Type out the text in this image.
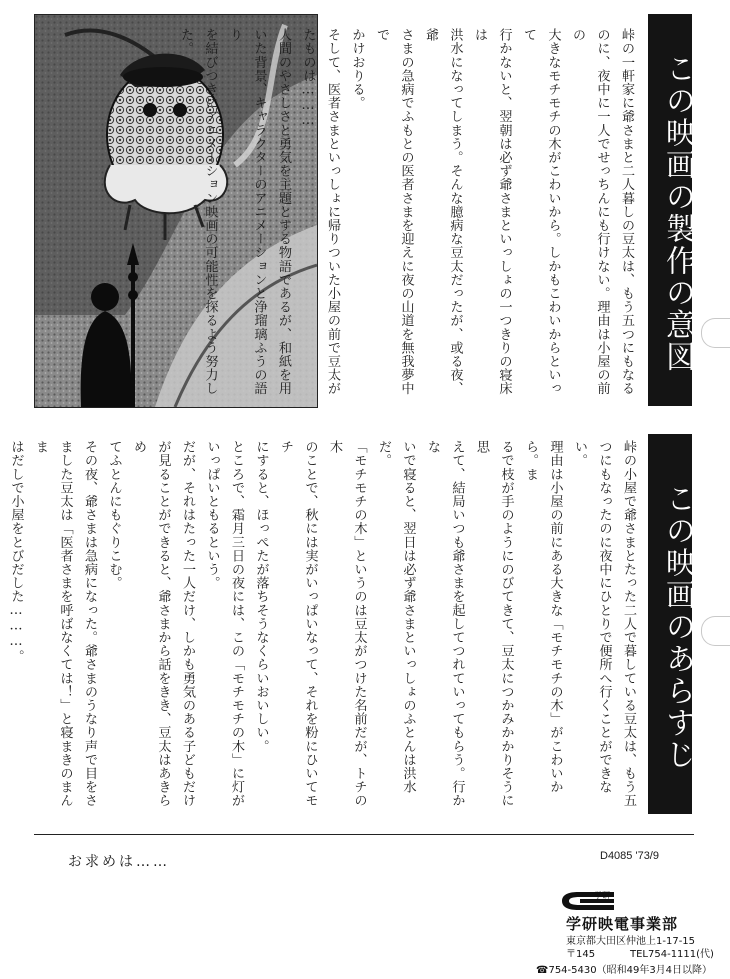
この映画の製作の意図
峠の一軒家に爺さまと二人暮しの豆太は、もう五つにもなる
のに、夜中に一人でせっちんにも行けない。理由は小屋の前の
大きなモチモチの木がこわいから。しかもこわいからといって
行かないと、翌朝は必ず爺さまといっしょの一つきりの寝床は
洪水になってしまう。そんな臆病な豆太だったが、或る夜、爺
さまの急病でふもとの医者さまを迎えに夜の山道を無我夢中で
かけおりる。
そして、医者さまといっしょに帰りついた小屋の前で豆太が
たものは………
人間のやさしさと勇気を主題とする物語であるが、和紙を用
いた背景、キャラクターのアニメーションと浄瑠璃ふうの語り
を結びつきにアニメーション映画の可能性を探るよう努力した。
この映画のあらすじ
峠の小屋で爺さまとたった二人で暮している豆太は、もう五
つにもなったのに夜中にひとりで便所へ行くことができない。
理由は小屋の前にある大きな「モチモチの木」がこわいから。ま
るで枝が手のようにのびてきて、豆太につかみかかりそうに思
えて、結局いつも爺さまを起してつれていってもらう。行かな
いで寝ると、翌日は必ず爺さまといっしょのふとんは洪水だ。
「モチモチの木」というのは豆太がつけた名前だが、トチの木
のことで、秋には実がいっぱいなって、それを粉にひいてモチ
にすると、ほっぺたが落ちそうなくらいおいしい。
ところで、霜月三日の夜には、この「モチモチの木」に灯が
いっぱいともるという。
だが、それはたった一人だけ、しかも勇気のある子どもだけ
が見ることができると、爺さまから話をきき、豆太はあきらめ
てふとんにもぐりこむ。
その夜、爺さまは急病になった。爺さまのうなり声で目をさ
ました豆太は「医者さまを呼ばなくては！」と寝まきのまんま
はだしで小屋をとびだした………。
お求めは……	D4085 '73/9
学研
学研映電事業部
東京都大田区仲池上1-17-15
〒145	TEL754-1111(代)
☎754-5430（昭和49年3月4日以降）
